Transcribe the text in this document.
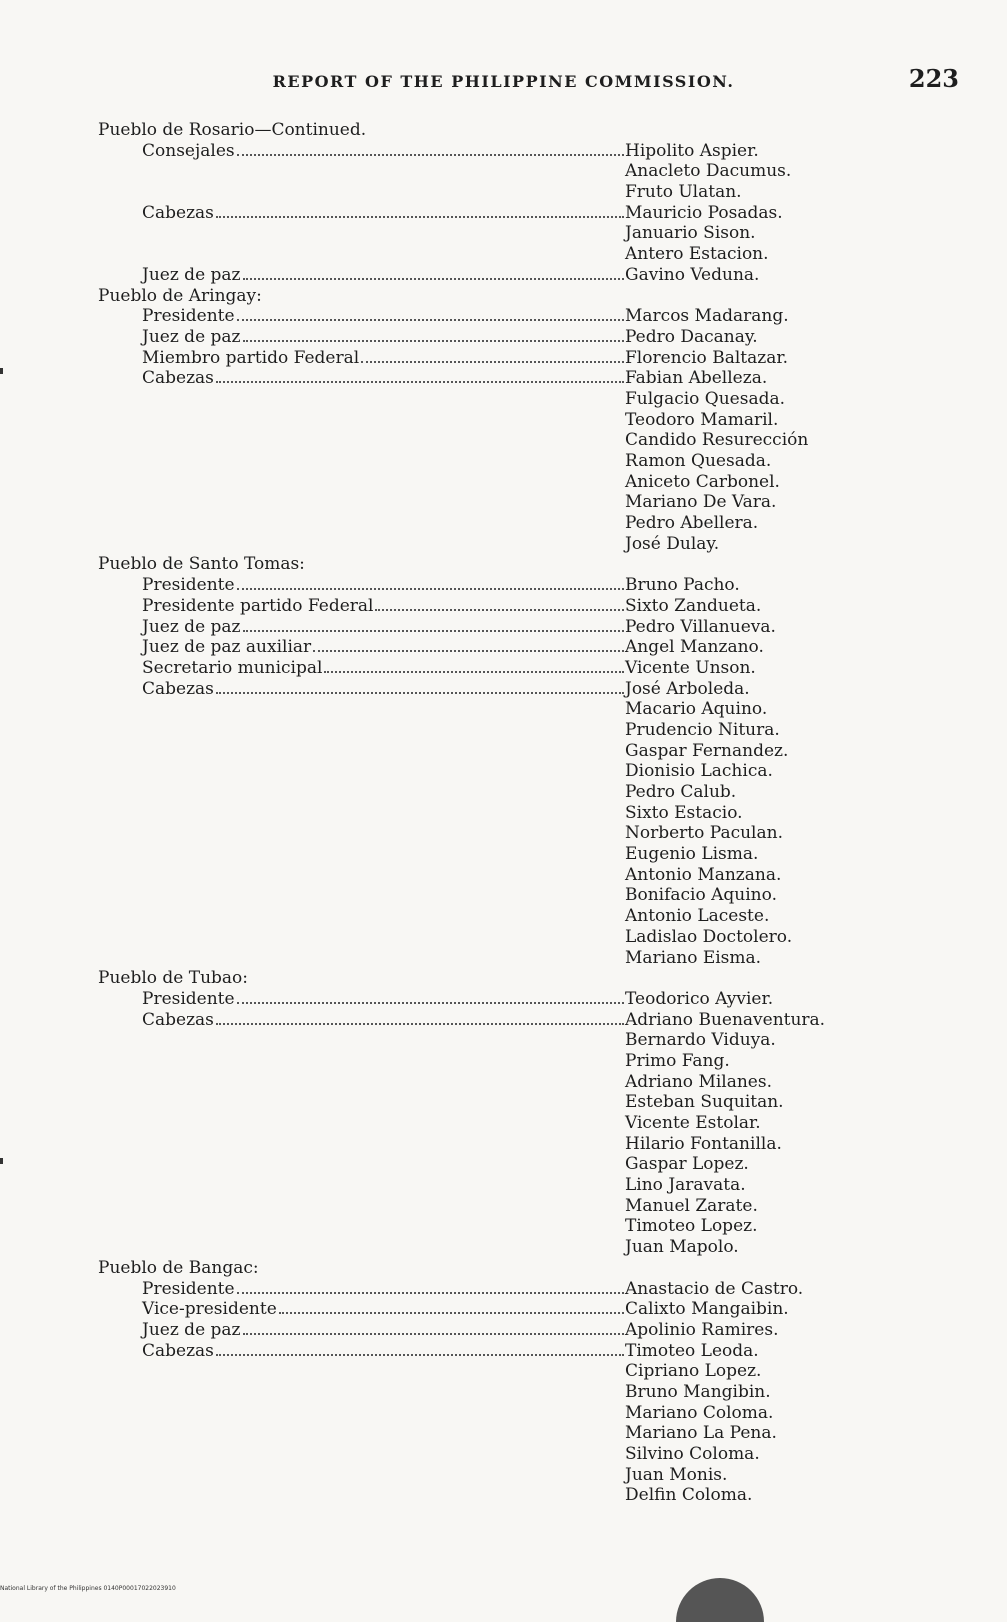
REPORT OF THE PHILIPPINE COMMISSION.	223
Pueblo de Rosario—Continued.
Consejales	Hipolito Aspier.
Anacleto Dacumus.
Fruto Ulatan.
Cabezas	Mauricio Posadas.
Januario Sison.
Antero Estacion.
Juez de paz	Gavino Veduna.
Pueblo de Aringay:
Presidente	Marcos Madarang.
Juez de paz	Pedro Dacanay.
Miembro partido Federal	Florencio Baltazar.
Cabezas	Fabian Abelleza.
Fulgacio Quesada.
Teodoro Mamaril.
Candido Resurección
Ramon Quesada.
Aniceto Carbonel.
Mariano De Vara.
Pedro Abellera.
José Dulay.
Pueblo de Santo Tomas:
Presidente	Bruno Pacho.
Presidente partido Federal	Sixto Zandueta.
Juez de paz	Pedro Villanueva.
Juez de paz auxiliar	Angel Manzano.
Secretario municipal	Vicente Unson.
Cabezas	José Arboleda.
Macario Aquino.
Prudencio Nitura.
Gaspar Fernandez.
Dionisio Lachica.
Pedro Calub.
Sixto Estacio.
Norberto Paculan.
Eugenio Lisma.
Antonio Manzana.
Bonifacio Aquino.
Antonio Laceste.
Ladislao Doctolero.
Mariano Eisma.
Pueblo de Tubao:
Presidente	Teodorico Ayvier.
Cabezas	Adriano Buenaventura.
Bernardo Viduya.
Primo Fang.
Adriano Milanes.
Esteban Suquitan.
Vicente Estolar.
Hilario Fontanilla.
Gaspar Lopez.
Lino Jaravata.
Manuel Zarate.
Timoteo Lopez.
Juan Mapolo.
Pueblo de Bangac:
Presidente	Anastacio de Castro.
Vice-presidente	Calixto Mangaibin.
Juez de paz	Apolinio Ramires.
Cabezas	Timoteo Leoda.
Cipriano Lopez.
Bruno Mangibin.
Mariano Coloma.
Mariano La Pena.
Silvino Coloma.
Juan Monis.
Delfin Coloma.
National Library of the Philippines 0140P00017022023910
